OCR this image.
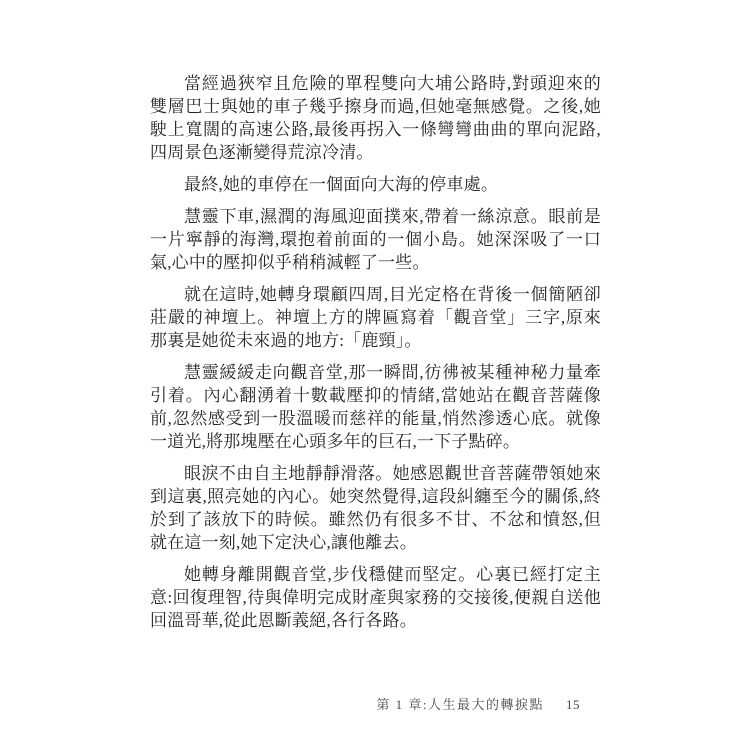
當經過狹窄且危險的單程雙向大埔公路時,對頭迎來的雙層巴士與她的車子幾乎擦身而過,但她毫無感覺。之後,她駛上寬闊的高速公路,最後再拐入一條彎彎曲曲的單向泥路,四周景色逐漸變得荒涼冷清。

最終,她的車停在一個面向大海的停車處。

慧靈下車,濕潤的海風迎面撲來,帶着一絲涼意。眼前是一片寧靜的海灣,環抱着前面的一個小島。她深深吸了一口氣,心中的壓抑似乎稍稍減輕了一些。

就在這時,她轉身環顧四周,目光定格在背後一個簡陋卻莊嚴的神壇上。神壇上方的牌匾寫着「觀音堂」三字,原來那裏是她從未來過的地方:「鹿頸」。

慧靈緩緩走向觀音堂,那一瞬間,彷彿被某種神秘力量牽引着。內心翻湧着十數載壓抑的情緒,當她站在觀音菩薩像前,忽然感受到一股溫暖而慈祥的能量,悄然滲透心底。就像一道光,將那塊壓在心頭多年的巨石,一下子點碎。

眼淚不由自主地靜靜滑落。她感恩觀世音菩薩帶領她來到這裏,照亮她的內心。她突然覺得,這段糾纏至今的關係,終於到了該放下的時候。雖然仍有很多不甘、不忿和憤怒,但就在這一刻,她下定決心,讓他離去。

她轉身離開觀音堂,步伐穩健而堅定。心裏已經打定主意:回復理智,待與偉明完成財產與家務的交接後,便親自送他回溫哥華,從此恩斷義絕,各行各路。

第 1 章:人生最大的轉捩點 15
